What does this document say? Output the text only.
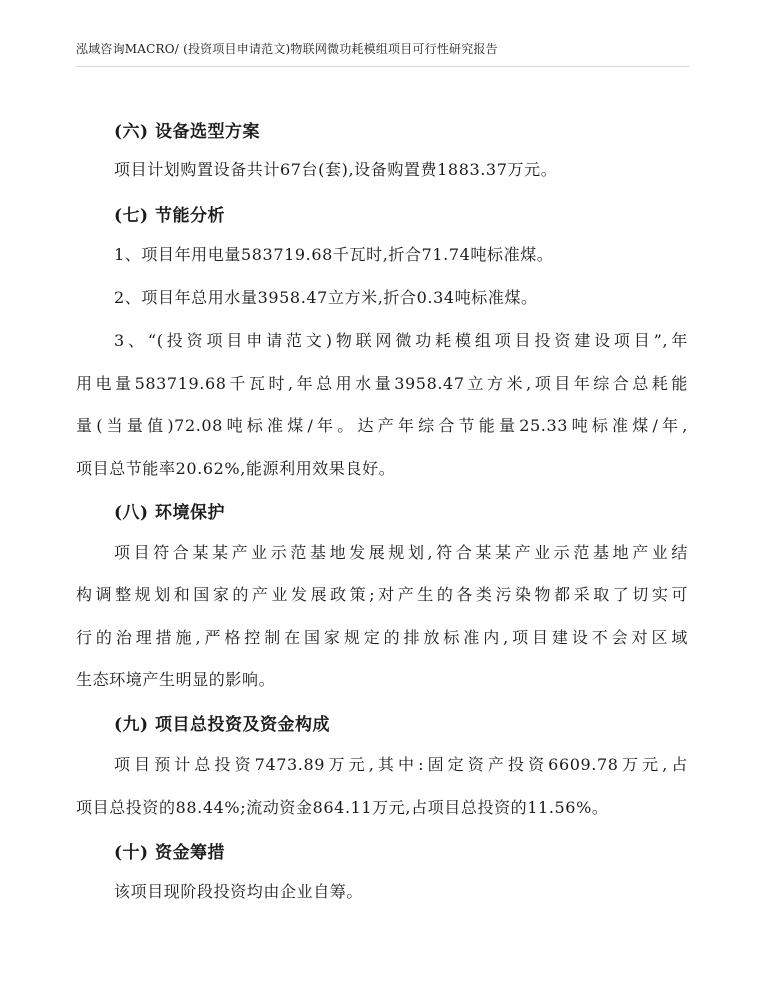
泓域咨询MACRO/ (投资项目申请范文)物联网微功耗模组项目可行性研究报告
(六) 设备选型方案
项目计划购置设备共计67台(套),设备购置费1883.37万元。
(七) 节能分析
1、项目年用电量583719.68千瓦时,折合71.74吨标准煤。
2、项目年总用水量3958.47立方米,折合0.34吨标准煤。
3、“(投资项目申请范文)物联网微功耗模组项目投资建设项目”,年
用电量583719.68千瓦时,年总用水量3958.47立方米,项目年综合总耗能
量(当量值)72.08吨标准煤/年。达产年综合节能量25.33吨标准煤/年,
项目总节能率20.62%,能源利用效果良好。
(八) 环境保护
项目符合某某产业示范基地发展规划,符合某某产业示范基地产业结
构调整规划和国家的产业发展政策;对产生的各类污染物都采取了切实可
行的治理措施,严格控制在国家规定的排放标准内,项目建设不会对区域
生态环境产生明显的影响。
(九) 项目总投资及资金构成
项目预计总投资7473.89万元,其中:固定资产投资6609.78万元,占
项目总投资的88.44%;流动资金864.11万元,占项目总投资的11.56%。
(十) 资金筹措
该项目现阶段投资均由企业自筹。
